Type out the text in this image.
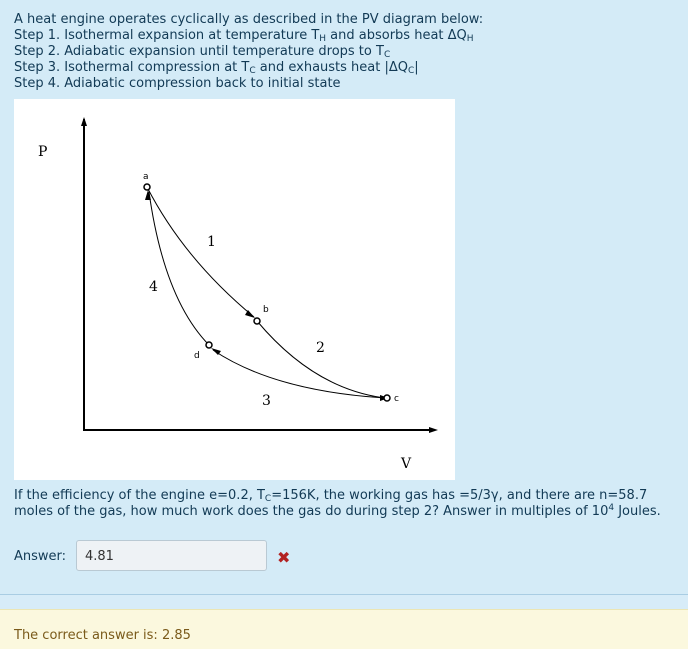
A heat engine operates cyclically as described in the PV diagram below:
Step 1. Isothermal expansion at temperature $T_H$ and absorbs heat $\Delta Q_H$
Step 2. Adiabatic expansion until temperature drops to $T_C$
Step 3. Isothermal compression at $T_C$ and exhausts heat $|\Delta Q_C|$
Step 4. Adiabatic compression back to initial state
P
V
a
b
c
d
1
2
3
4
If the efficiency of the engine e=0.2, $T_C=156K$, the working gas has =5/3γ, and there are n=58.7 moles of the gas, how much work does the gas do during step 2? Answer in multiples of $10^4$ Joules.
Answer:	4.81	✖
The correct answer is: 2.85
